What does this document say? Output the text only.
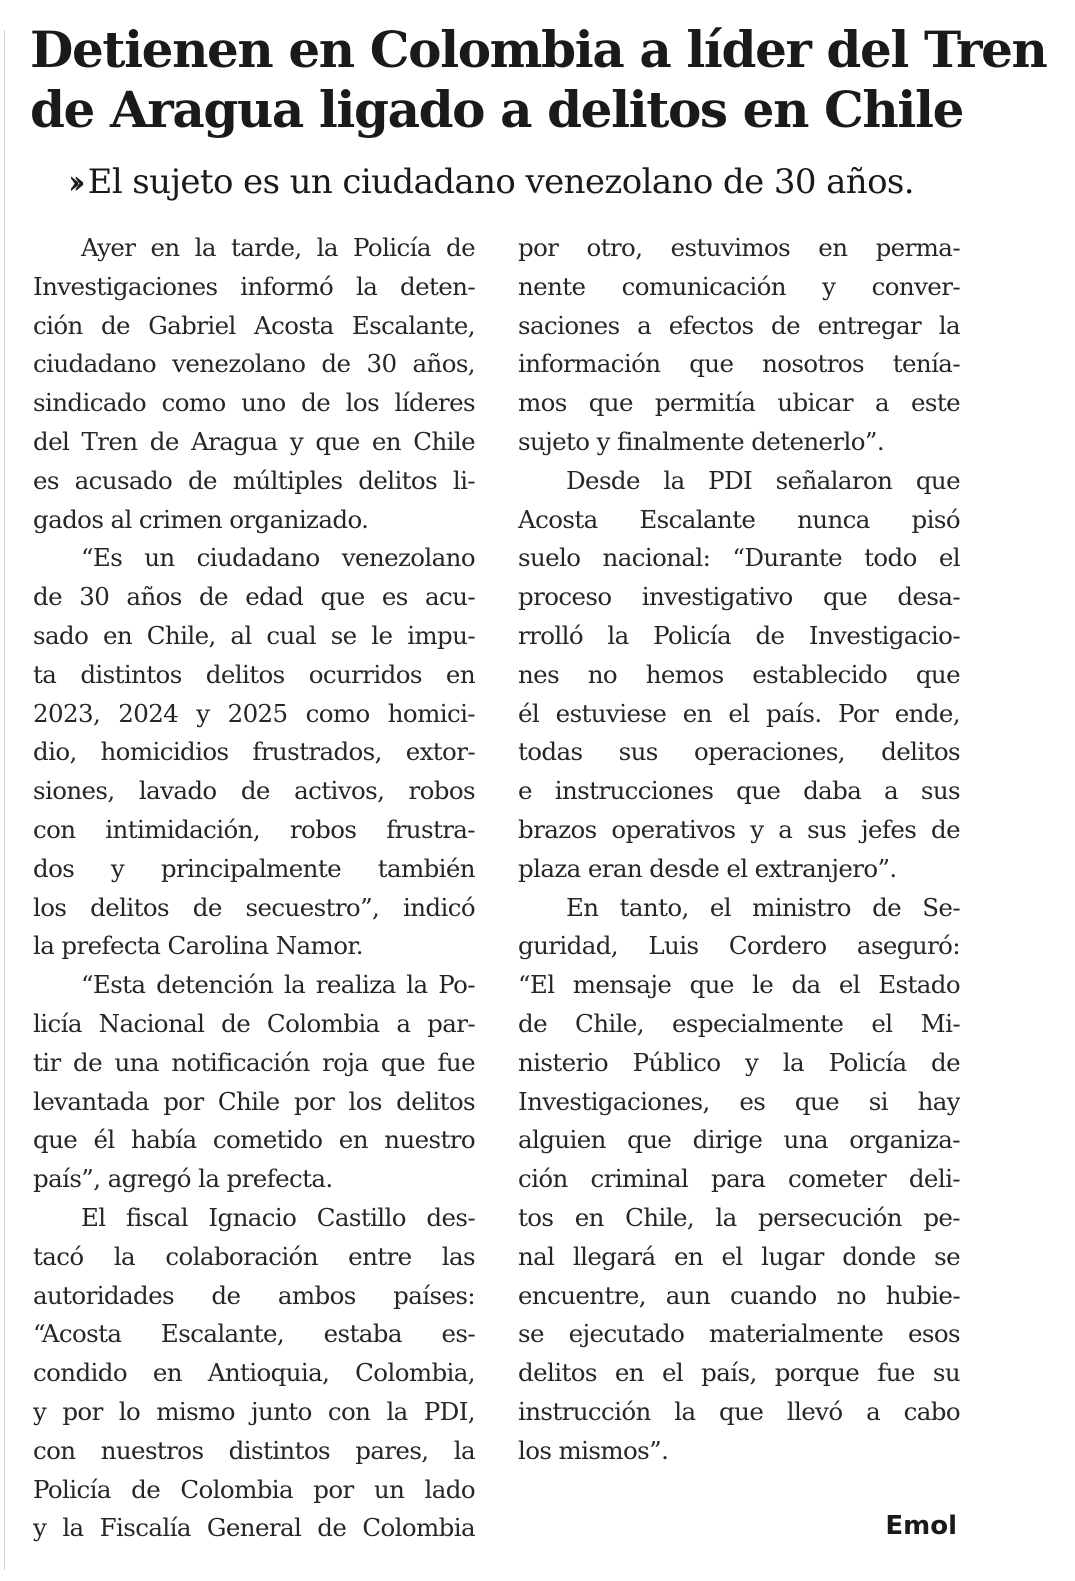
Detienen en Colombia a líder del Tren
de Aragua ligado a delitos en Chile
›› El sujeto es un ciudadano venezolano de 30 años.
Ayer en la tarde, la Policía de
Investigaciones informó la deten-
ción de Gabriel Acosta Escalante,
ciudadano venezolano de 30 años,
sindicado como uno de los líderes
del Tren de Aragua y que en Chile
es acusado de múltiples delitos li-
gados al crimen organizado.
“Es un ciudadano venezolano
de 30 años de edad que es acu-
sado en Chile, al cual se le impu-
ta distintos delitos ocurridos en
2023, 2024 y 2025 como homici-
dio, homicidios frustrados, extor-
siones, lavado de activos, robos
con intimidación, robos frustra-
dos y principalmente también
los delitos de secuestro”, indicó
la prefecta Carolina Namor.
“Esta detención la realiza la Po-
licía Nacional de Colombia a par-
tir de una notificación roja que fue
levantada por Chile por los delitos
que él había cometido en nuestro
país”, agregó la prefecta.
El fiscal Ignacio Castillo des-
tacó la colaboración entre las
autoridades de ambos países:
“Acosta Escalante, estaba es-
condido en Antioquia, Colombia,
y por lo mismo junto con la PDI,
con nuestros distintos pares, la
Policía de Colombia por un lado
y la Fiscalía General de Colombia
por otro, estuvimos en perma-
nente comunicación y conver-
saciones a efectos de entregar la
información que nosotros tenía-
mos que permitía ubicar a este
sujeto y finalmente detenerlo”.
Desde la PDI señalaron que
Acosta Escalante nunca pisó
suelo nacional: “Durante todo el
proceso investigativo que desa-
rrolló la Policía de Investigacio-
nes no hemos establecido que
él estuviese en el país. Por ende,
todas sus operaciones, delitos
e instrucciones que daba a sus
brazos operativos y a sus jefes de
plaza eran desde el extranjero”.
En tanto, el ministro de Se-
guridad, Luis Cordero aseguró:
“El mensaje que le da el Estado
de Chile, especialmente el Mi-
nisterio Público y la Policía de
Investigaciones, es que si hay
alguien que dirige una organiza-
ción criminal para cometer deli-
tos en Chile, la persecución pe-
nal llegará en el lugar donde se
encuentre, aun cuando no hubie-
se ejecutado materialmente esos
delitos en el país, porque fue su
instrucción la que llevó a cabo
los mismos”.
Emol
